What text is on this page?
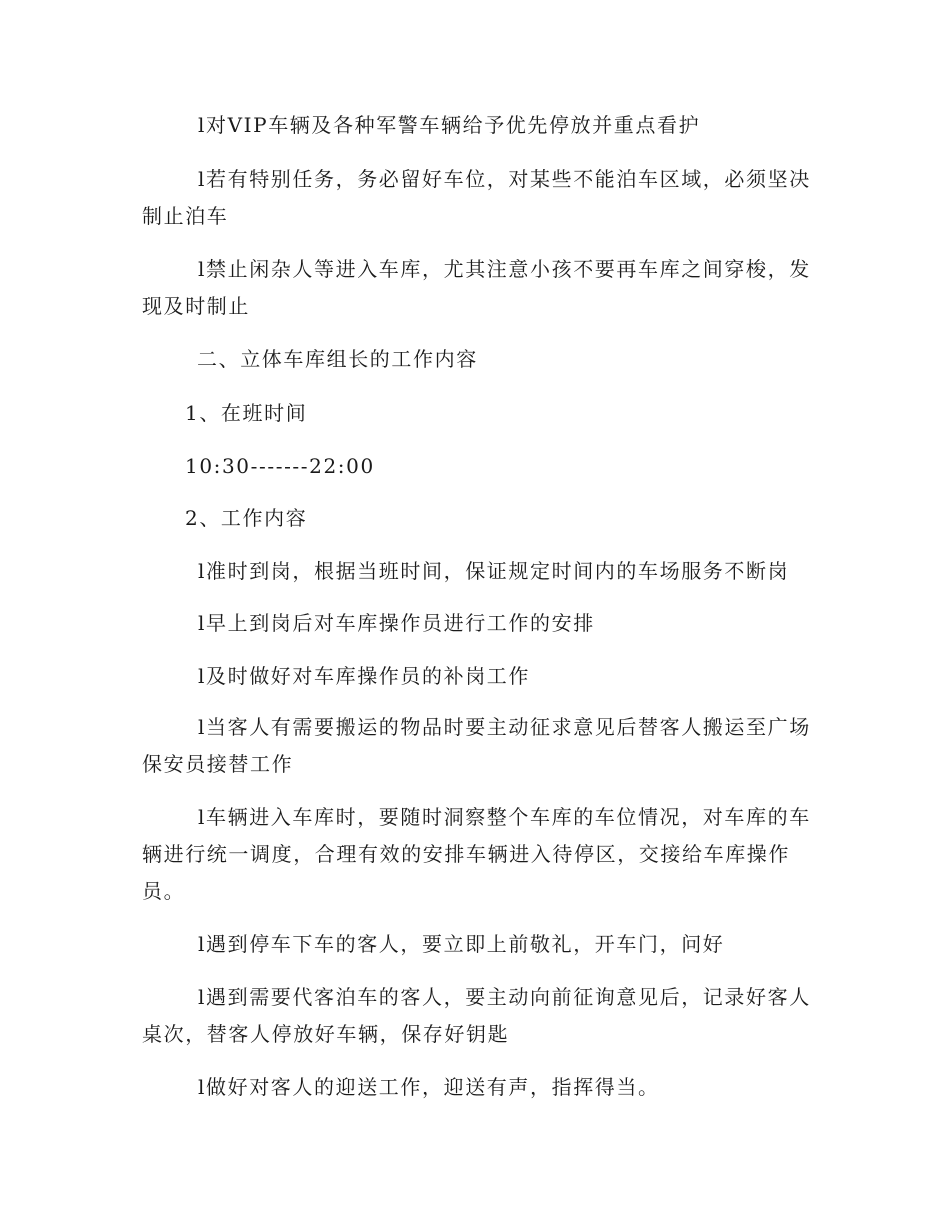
l对VIP车辆及各种军警车辆给予优先停放并重点看护

l若有特别任务，务必留好车位，对某些不能泊车区域，必须坚决制止泊车

l禁止闲杂人等进入车库，尤其注意小孩不要再车库之间穿梭，发现及时制止

二、立体车库组长的工作内容

1、在班时间

10:30-------22:00

2、工作内容

l准时到岗，根据当班时间，保证规定时间内的车场服务不断岗

l早上到岗后对车库操作员进行工作的安排

l及时做好对车库操作员的补岗工作

l当客人有需要搬运的物品时要主动征求意见后替客人搬运至广场保安员接替工作

l车辆进入车库时，要随时洞察整个车库的车位情况，对车库的车辆进行统一调度，合理有效的安排车辆进入待停区，交接给车库操作员。

l遇到停车下车的客人，要立即上前敬礼，开车门，问好

l遇到需要代客泊车的客人，要主动向前征询意见后，记录好客人桌次，替客人停放好车辆，保存好钥匙

l做好对客人的迎送工作，迎送有声，指挥得当。
